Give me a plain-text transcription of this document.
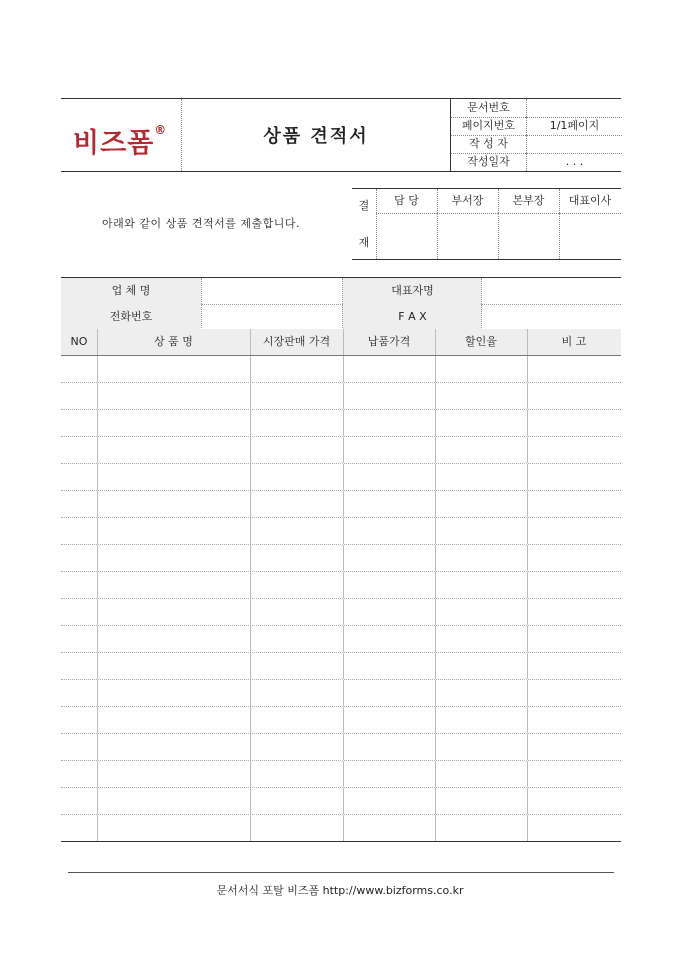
비즈폼®	상품 견적서
문서번호
페이지번호	1/1페이지
작 성 자
작성일자	. . .
아래와 같이 상품 견적서를 제출합니다.
결
재
담 당	부서장	본부장	대표이사
업 체 명	대표자명
전화번호	F A X
NO	상 품 명	시장판매 가격	납품가격	할인율	비 고
문서서식 포탈 비즈폼 http://www.bizforms.co.kr
